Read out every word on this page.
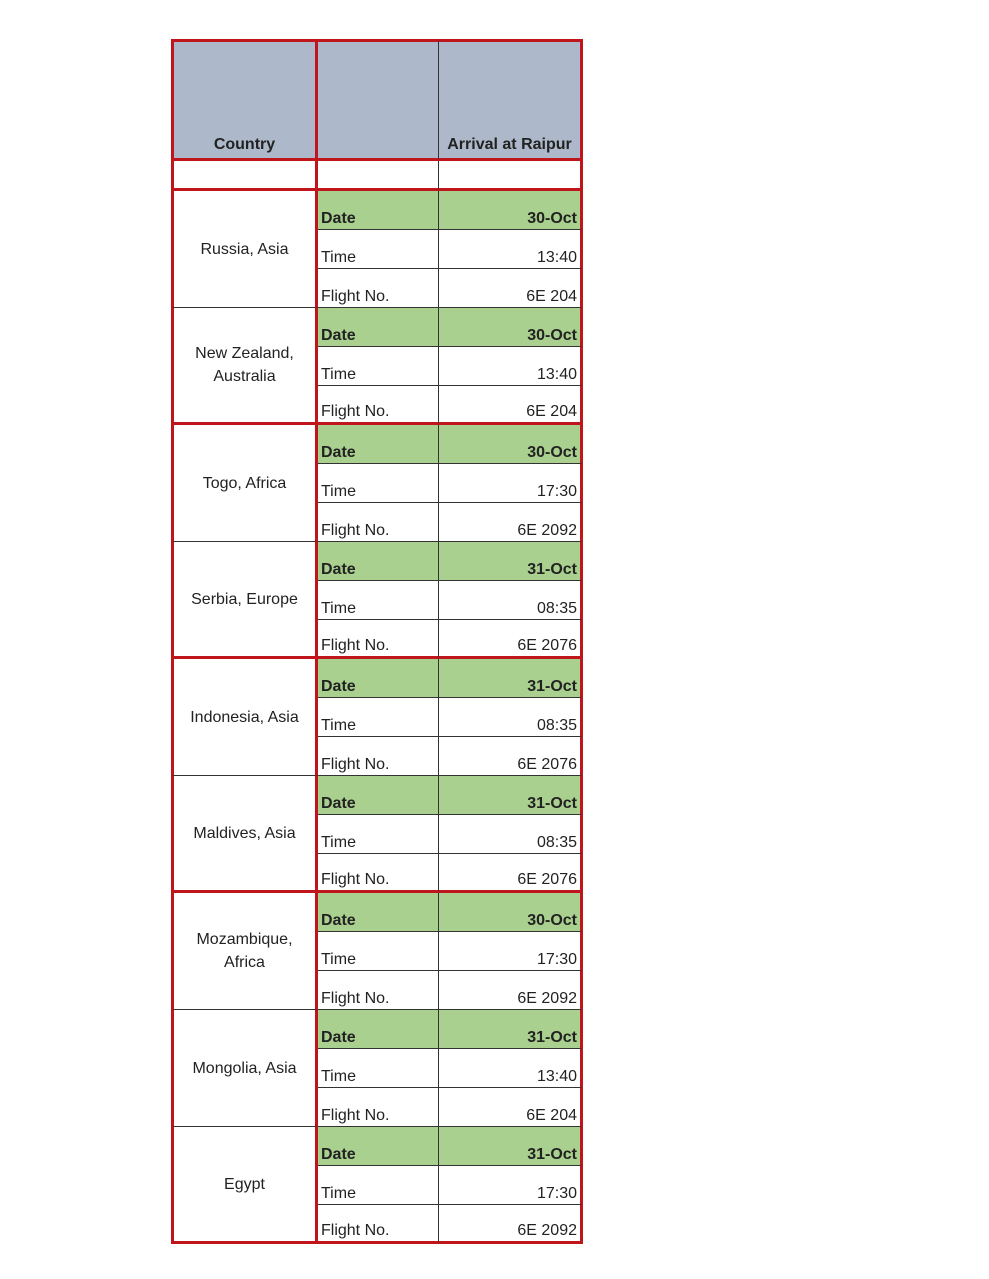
Country	Arrival at Raipur
Russia, Asia
Date	30-Oct
Time	13:40
Flight No.	6E 204
New Zealand, Australia
Date	30-Oct
Time	13:40
Flight No.	6E 204
Togo, Africa
Date	30-Oct
Time	17:30
Flight No.	6E 2092
Serbia, Europe
Date	31-Oct
Time	08:35
Flight No.	6E 2076
Indonesia, Asia
Date	31-Oct
Time	08:35
Flight No.	6E 2076
Maldives, Asia
Date	31-Oct
Time	08:35
Flight No.	6E 2076
Mozambique, Africa
Date	30-Oct
Time	17:30
Flight No.	6E 2092
Mongolia, Asia
Date	31-Oct
Time	13:40
Flight No.	6E 204
Egypt
Date	31-Oct
Time	17:30
Flight No.	6E 2092
